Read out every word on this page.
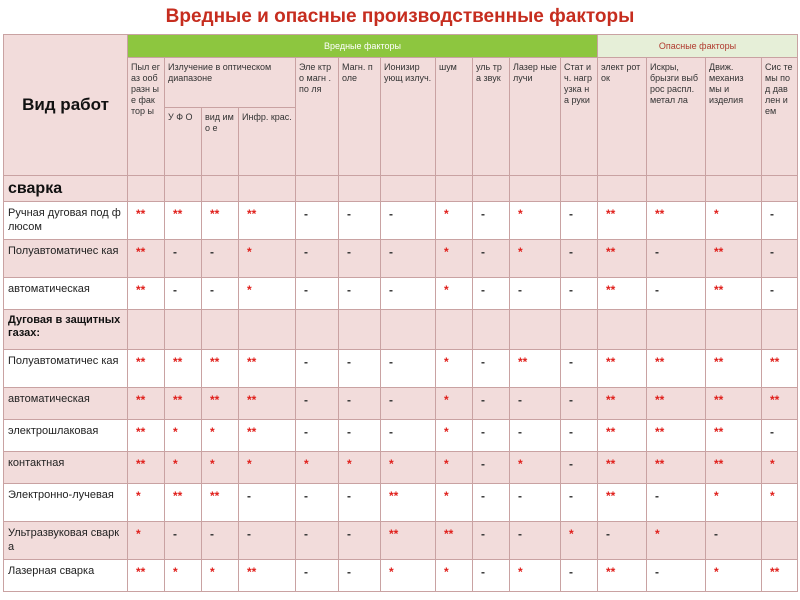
Вредные и опасные производственные факторы
Вид работ	Вредные факторы											Опасные факторы			
	Пыл егаз ооб разн ые фак тор ы	Излучение в оптическом диапазоне			Эле ктро магн .по ля	Магн. поле	Ионизир ующ излуч.	шум	уль тра звук	Лазер ные лучи	Стат ич. нагр узка на руки	элект роток	Искры, брызги выб рос распл. метал ла	Движ. механиз мы и изделия	Сис те мы под дав лен и ем
		У Ф О	вид имо е	Инфр. крас.											
сварка															
Ручная дуговая под флюсом	**	**	**	**	-	-	-	*	-	*	-	**	**	*	-
Полуавтоматичес кая	**	-	-	*	-	-	-	*	-	*	-	**	-	**	-
автоматическая	**	-	-	*	-	-	-	*	-	-	-	**	-	**	-
Дуговая в защитных газах:															
Полуавтоматичес кая	**	**	**	**	-	-	-	*	-	**	-	**	**	**	**
автоматическая	**	**	**	**	-	-	-	*	-	-	-	**	**	**	**
электрошлаковая	**	*	*	**	-	-	-	*	-	-	-	**	**	**	-
контактная	**	*	*	*	*	*	*	*	-	*	-	**	**	**	*
Электронно-лучевая	*	**	**	-	-	-	**	*	-	-	-	**	-	*	*
Ультразвуковая сварка	*	-	-	-	-	-	**	**	-	-	*	-	*	-	
Лазерная сварка	**	*	*	**	-	-	*	*	-	*	-	**	-	*	**
